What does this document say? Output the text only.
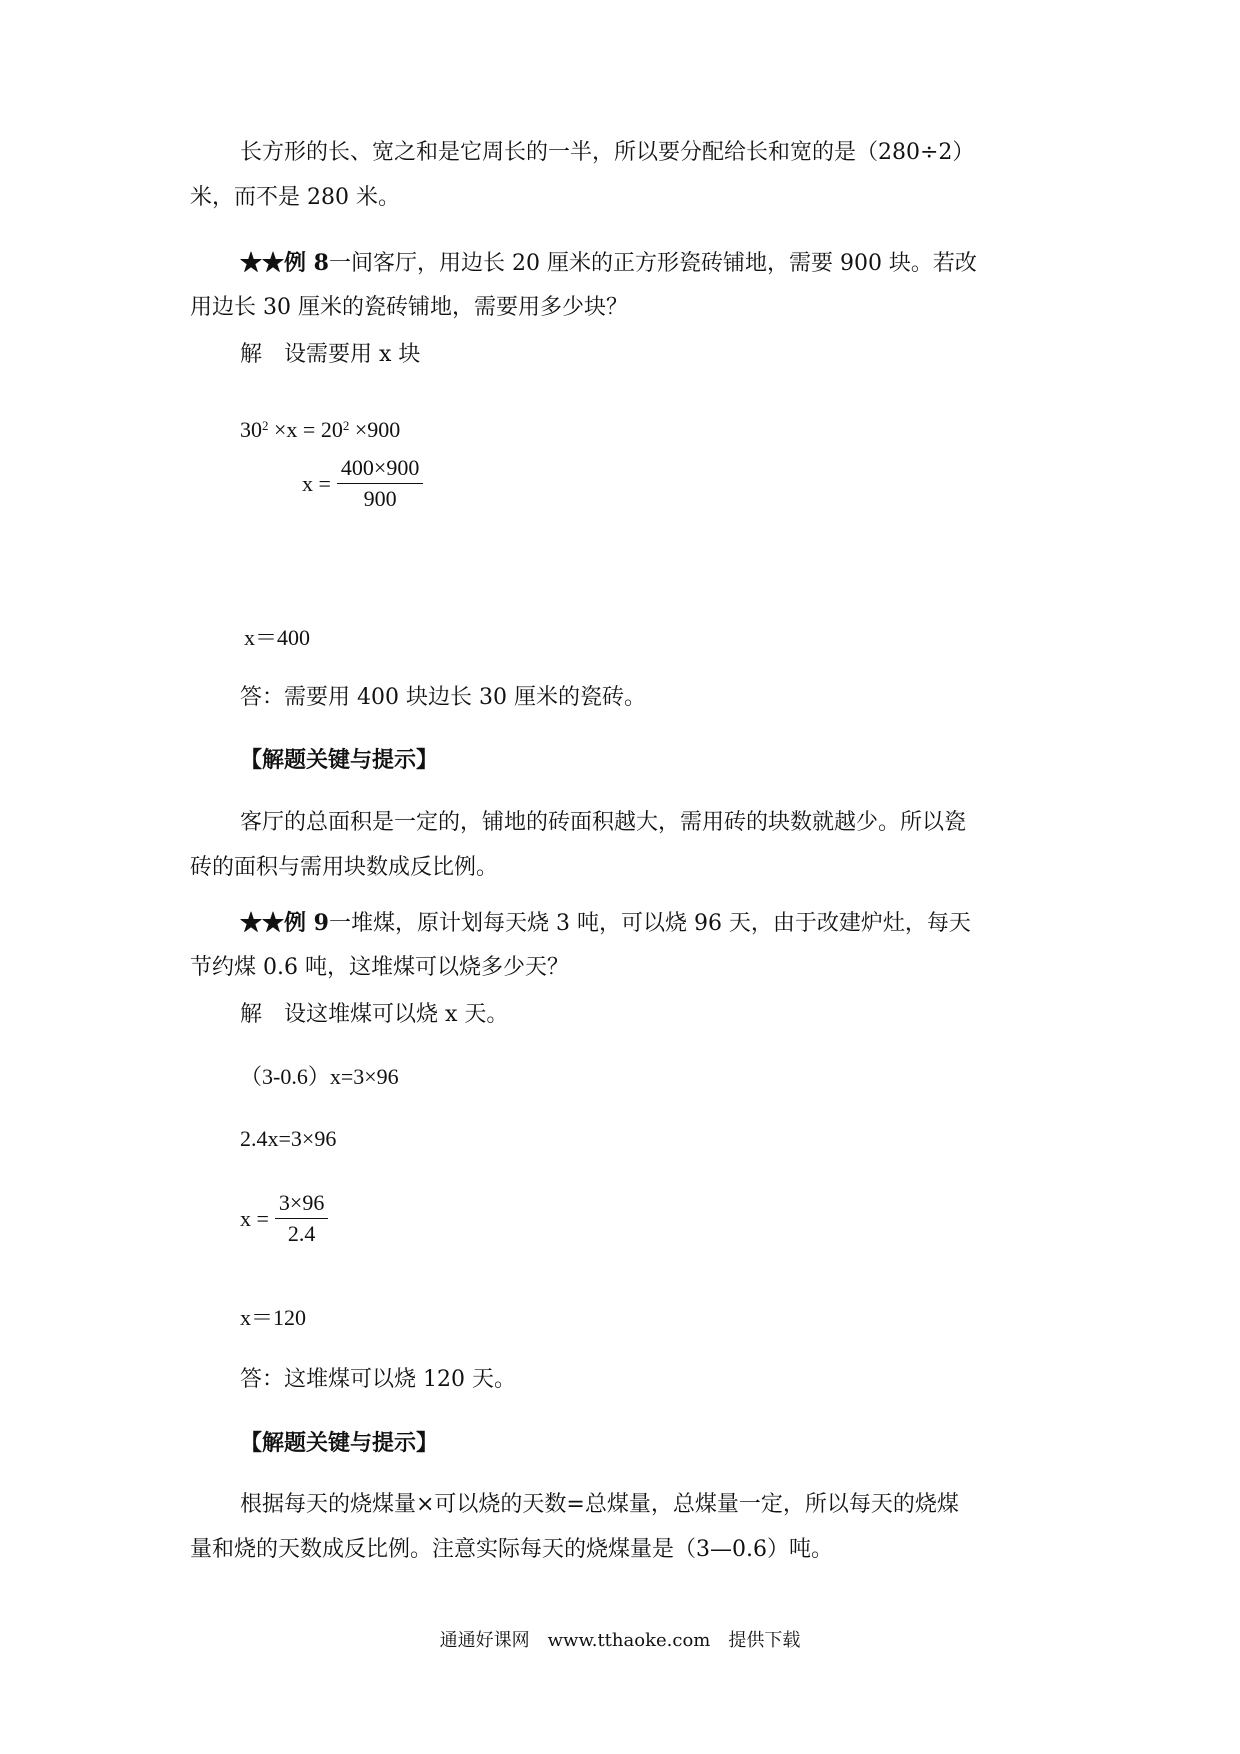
长方形的长、宽之和是它周长的一半，所以要分配给长和宽的是（280÷2）
米，而不是 280 米。
★★例 8一间客厅，用边长 20 厘米的正方形瓷砖铺地，需要 900 块。若改
用边长 30 厘米的瓷砖铺地，需要用多少块？
解　设需要用 x 块
$30^2 \times x = 20^2 \times 900$
$x = \frac{400\times 900}{900}$
x＝400
答：需要用 400 块边长 30 厘米的瓷砖。
【解题关键与提示】
客厅的总面积是一定的，铺地的砖面积越大，需用砖的块数就越少。所以瓷
砖的面积与需用块数成反比例。
★★例 9一堆煤，原计划每天烧 3 吨，可以烧 96 天，由于改建炉灶，每天
节约煤 0.6 吨，这堆煤可以烧多少天？
解　设这堆煤可以烧 x 天。
（3-0.6）x=3×96
2.4x=3×96
$x = \frac{3\times 96}{2.4}$
x＝120
答：这堆煤可以烧 120 天。
【解题关键与提示】
根据每天的烧煤量×可以烧的天数=总煤量，总煤量一定，所以每天的烧煤
量和烧的天数成反比例。注意实际每天的烧煤量是（3—0.6）吨。
通通好课网　www.tthaoke.com　提供下载
